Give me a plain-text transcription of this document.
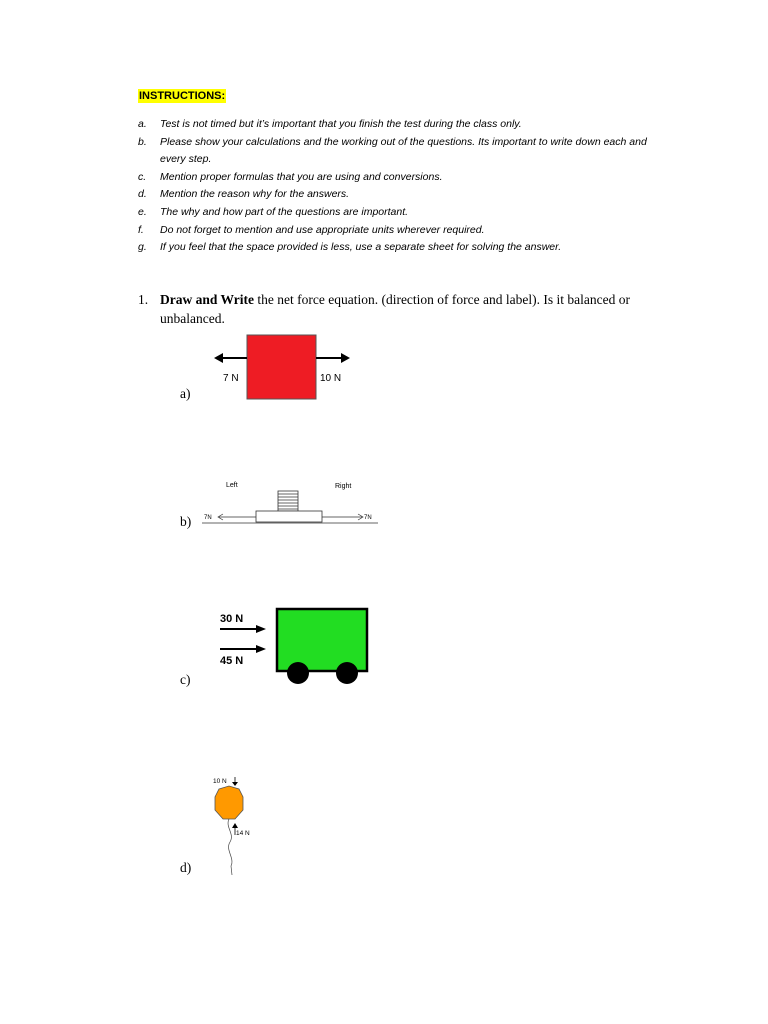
INSTRUCTIONS:
a.	Test is not timed but it’s important that you finish the test during the class only.
b.	Please show your calculations and the working out of the questions. Its important to write down each and every step.
c.	Mention proper formulas that you are using and conversions.
d.	Mention the reason why for the answers.
e.	The why and how part of the questions are important.
f.	Do not forget to mention and use appropriate units wherever required.
g.	If you feel that the space provided is less, use a separate sheet for solving the answer.
1. Draw and Write the net force equation. (direction of force and label). Is it balanced or unbalanced.
7 N	10 N
a)
Left	Right
7N	7N
b)
30 N
45 N
c)
10 N
14 N
d)
